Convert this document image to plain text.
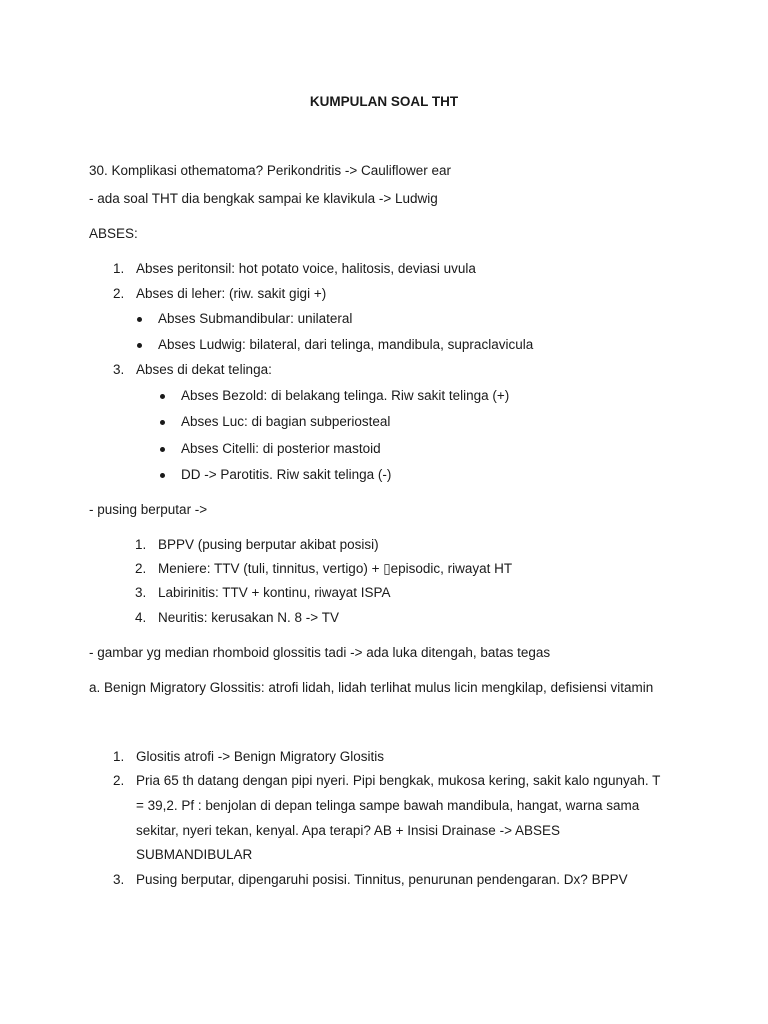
KUMPULAN SOAL THT
30. Komplikasi othematoma? Perikondritis -> Cauliflower ear
- ada soal THT dia bengkak sampai ke klavikula -> Ludwig
ABSES:
1. Abses peritonsil: hot potato voice, halitosis, deviasi uvula
2. Abses di leher: (riw. sakit gigi +)
Abses Submandibular: unilateral
Abses Ludwig: bilateral, dari telinga, mandibula, supraclavicula
3. Abses di dekat telinga:
Abses Bezold: di belakang telinga. Riw sakit telinga (+)
Abses Luc: di bagian subperiosteal
Abses Citelli: di posterior mastoid
DD -> Parotitis. Riw sakit telinga (-)
- pusing berputar ->
1. BPPV (pusing berputar akibat posisi)
2. Meniere: TTV (tuli, tinnitus, vertigo) + ▯episodic, riwayat HT
3. Labirinitis: TTV + kontinu, riwayat ISPA
4. Neuritis: kerusakan N. 8 -> TV
- gambar yg median rhomboid glossitis tadi -> ada luka ditengah, batas tegas
a. Benign Migratory Glossitis: atrofi lidah, lidah terlihat mulus licin mengkilap, defisiensi vitamin
1. Glositis atrofi -> Benign Migratory Glositis
2. Pria 65 th datang dengan pipi nyeri. Pipi bengkak, mukosa kering, sakit kalo ngunyah. T
= 39,2. Pf : benjolan di depan telinga sampe bawah mandibula, hangat, warna sama
sekitar, nyeri tekan, kenyal. Apa terapi? AB + Insisi Drainase -> ABSES
SUBMANDIBULAR
3. Pusing berputar, dipengaruhi posisi. Tinnitus, penurunan pendengaran. Dx? BPPV
